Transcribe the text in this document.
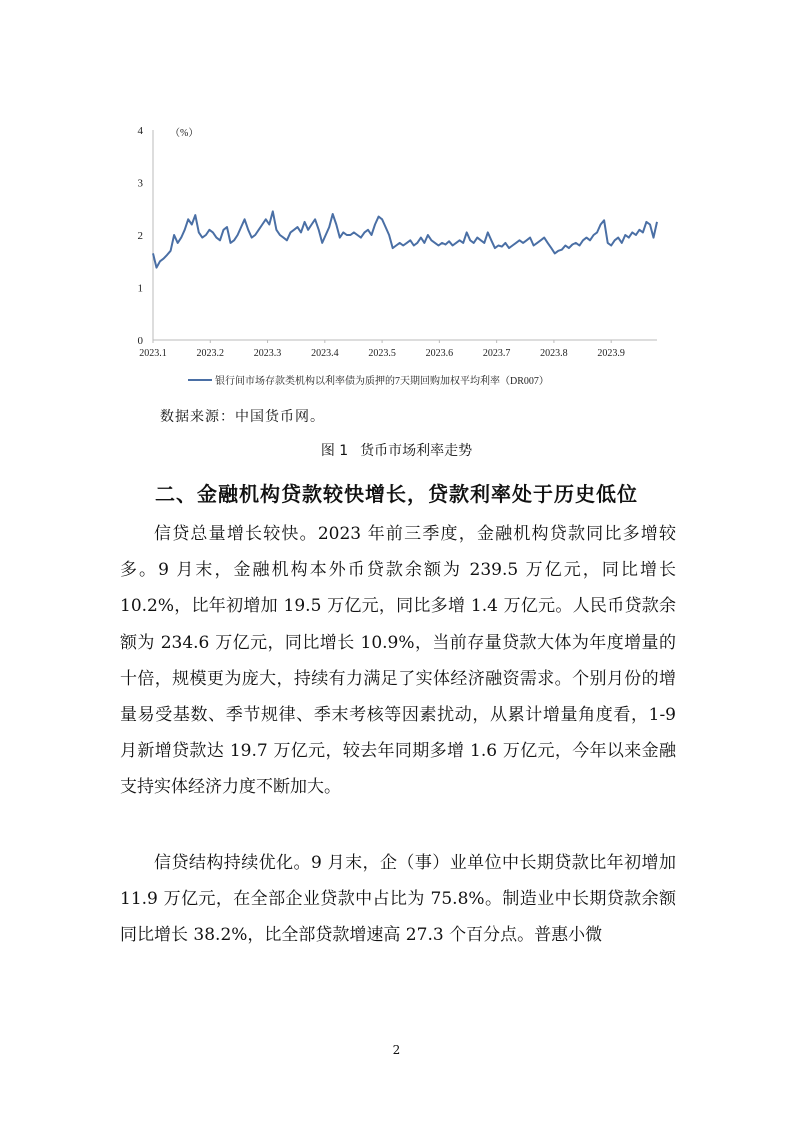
0
1
2
3
4
2023.1	2023.2	2023.3	2023.4	2023.5	2023.6	2023.7	2023.8	2023.9
（%）
银行间市场存款类机构以利率债为质押的7天期回购加权平均利率（DR007）
数据来源：中国货币网。
图 1 货币市场利率走势
二、金融机构贷款较快增长，贷款利率处于历史低位

信贷总量增长较快。2023 年前三季度，金融机构贷款同比多增较多。9 月末，金融机构本外币贷款余额为 239.5 万亿元，同比增长 10.2%，比年初增加 19.5 万亿元，同比多增 1.4 万亿元。人民币贷款余额为 234.6 万亿元，同比增长 10.9%，当前存量贷款大体为年度增量的十倍，规模更为庞大，持续有力满足了实体经济融资需求。个别月份的增量易受基数、季节规律、季末考核等因素扰动，从累计增量角度看，1-9 月新增贷款达 19.7 万亿元，较去年同期多增 1.6 万亿元，今年以来金融支持实体经济力度不断加大。

信贷结构持续优化。9 月末，企（事）业单位中长期贷款比年初增加 11.9 万亿元，在全部企业贷款中占比为 75.8%。制造业中长期贷款余额同比增长 38.2%，比全部贷款增速高 27.3 个百分点。普惠小微

2
